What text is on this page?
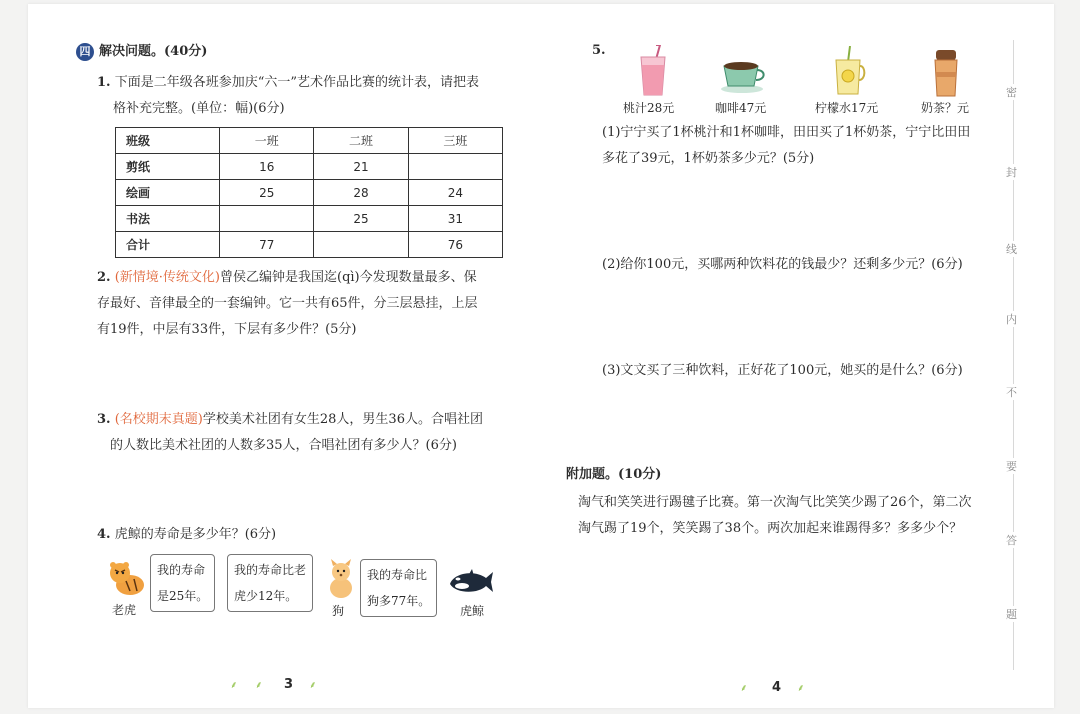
四 解决问题。(40分)
1. 下面是二年级各班参加庆“六一”艺术作品比赛的统计表，请把表
格补充完整。(单位：幅)(6分)
班级	一班	二班	三班
剪纸	16	21	
绘画	25	28	24
书法		25	31
合计	77		76
2. (新情境·传统文化)曾侯乙编钟是我国迄(qì)今发现数量最多、保
存最好、音律最全的一套编钟。它一共有65件，分三层悬挂，上层
有19件，中层有33件，下层有多少件？(5分)
3. (名校期末真题)学校美术社团有女生28人，男生36人。合唱社团
的人数比美术社团的人数多35人，合唱社团有多少人？(6分)
4. 虎鲸的寿命是多少年？(6分)
老虎
我的寿命
是25年。
我的寿命比老
虎少12年。
狗
我的寿命比
狗多77年。
虎鲸
⸙ ⸙ 3 ⸙
5.
桃汁28元	咖啡47元	柠檬水17元	奶茶？元
(1)宁宁买了1杯桃汁和1杯咖啡，田田买了1杯奶茶，宁宁比田田
多花了39元，1杯奶茶多少元？(5分)
(2)给你100元，买哪两种饮料花的钱最少？还剩多少元？(6分)
(3)文文买了三种饮料，正好花了100元，她买的是什么？(6分)
附加题。(10分)
淘气和笑笑进行踢毽子比赛。第一次淘气比笑笑少踢了26个，第二次
淘气踢了19个，笑笑踢了38个。两次加起来谁踢得多？多多少个？
⸙ 4 ⸙
密
封
线
内
不
要
答
题
